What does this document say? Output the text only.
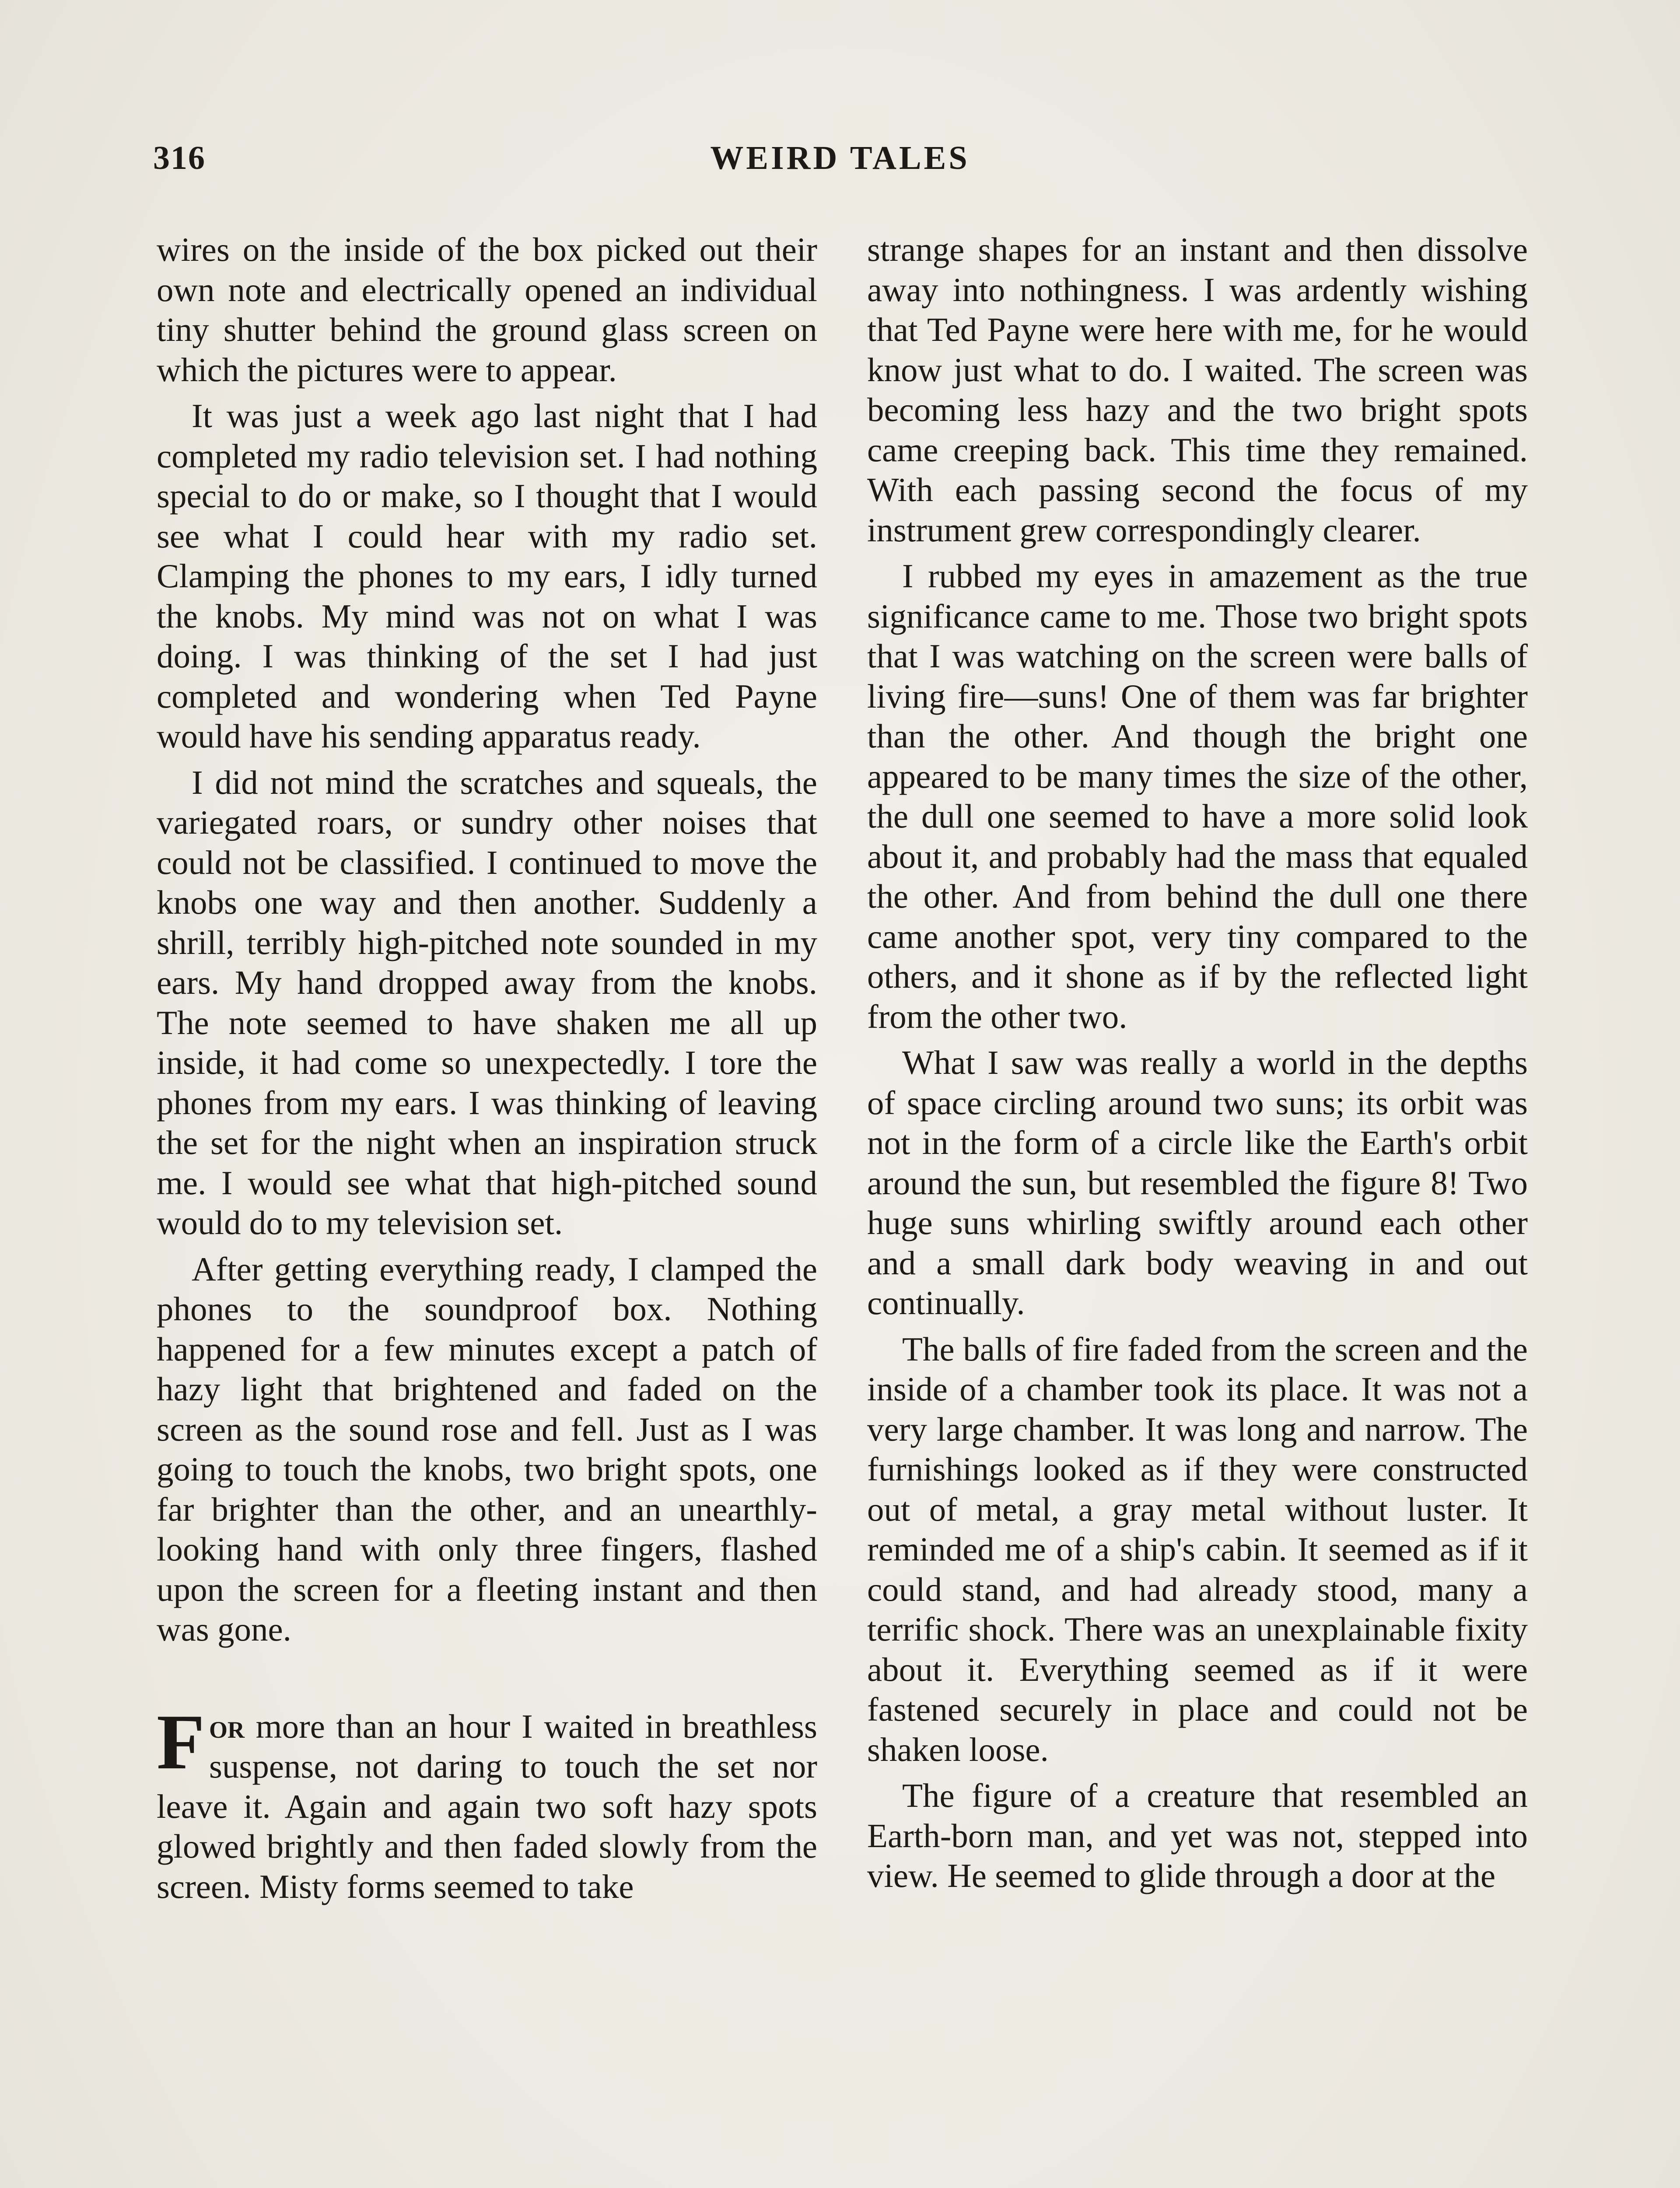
316	WEIRD TALES

wires on the inside of the box picked out their own note and electrically opened an individual tiny shutter behind the ground glass screen on which the pictures were to appear.

It was just a week ago last night that I had completed my radio television set. I had nothing special to do or make, so I thought that I would see what I could hear with my radio set. Clamping the phones to my ears, I idly turned the knobs. My mind was not on what I was doing. I was thinking of the set I had just completed and wondering when Ted Payne would have his sending apparatus ready.

I did not mind the scratches and squeals, the variegated roars, or sundry other noises that could not be classified. I continued to move the knobs one way and then another. Suddenly a shrill, terribly high-pitched note sounded in my ears. My hand dropped away from the knobs. The note seemed to have shaken me all up inside, it had come so unexpectedly. I tore the phones from my ears. I was thinking of leaving the set for the night when an inspiration struck me. I would see what that high-pitched sound would do to my television set.

After getting everything ready, I clamped the phones to the soundproof box. Nothing happened for a few minutes except a patch of hazy light that brightened and faded on the screen as the sound rose and fell. Just as I was going to touch the knobs, two bright spots, one far brighter than the other, and an unearthly-looking hand with only three fingers, flashed upon the screen for a fleeting instant and then was gone.

For more than an hour I waited in breathless suspense, not daring to touch the set nor leave it. Again and again two soft hazy spots glowed brightly and then faded slowly from the screen. Misty forms seemed to take

strange shapes for an instant and then dissolve away into nothingness. I was ardently wishing that Ted Payne were here with me, for he would know just what to do. I waited. The screen was becoming less hazy and the two bright spots came creeping back. This time they remained. With each passing second the focus of my instrument grew correspondingly clearer.

I rubbed my eyes in amazement as the true significance came to me. Those two bright spots that I was watching on the screen were balls of living fire—suns! One of them was far brighter than the other. And though the bright one appeared to be many times the size of the other, the dull one seemed to have a more solid look about it, and probably had the mass that equaled the other. And from behind the dull one there came another spot, very tiny compared to the others, and it shone as if by the reflected light from the other two.

What I saw was really a world in the depths of space circling around two suns; its orbit was not in the form of a circle like the Earth's orbit around the sun, but resembled the figure 8! Two huge suns whirling swiftly around each other and a small dark body weaving in and out continually.

The balls of fire faded from the screen and the inside of a chamber took its place. It was not a very large chamber. It was long and narrow. The furnishings looked as if they were constructed out of metal, a gray metal without luster. It reminded me of a ship's cabin. It seemed as if it could stand, and had already stood, many a terrific shock. There was an unexplainable fixity about it. Everything seemed as if it were fastened securely in place and could not be shaken loose.

The figure of a creature that resembled an Earth-born man, and yet was not, stepped into view. He seemed to glide through a door at the
